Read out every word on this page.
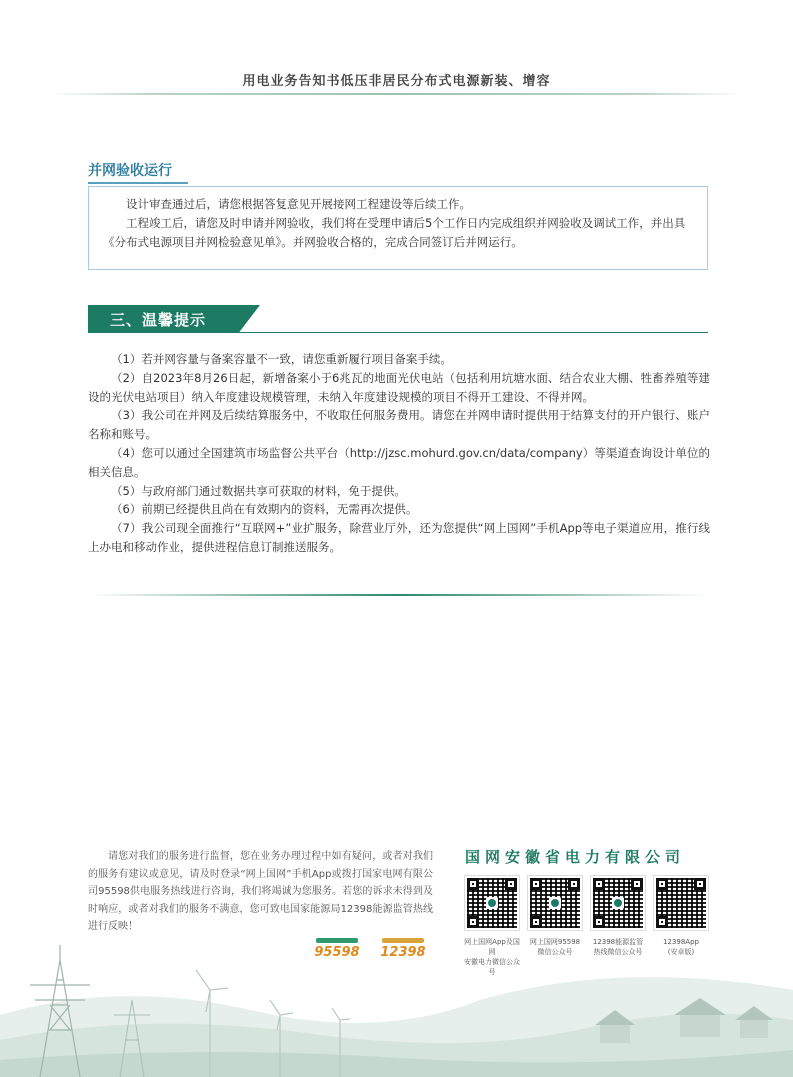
用电业务告知书低压非居民分布式电源新装、增容
并网验收运行

设计审查通过后，请您根据答复意见开展接网工程建设等后续工作。

工程竣工后，请您及时申请并网验收，我们将在受理申请后5个工作日内完成组织并网验收及调试工作，并出具《分布式电源项目并网检验意见单》。并网验收合格的，完成合同签订后并网运行。

三、温馨提示

（1）若并网容量与备案容量不一致，请您重新履行项目备案手续。

（2）自2023年8月26日起，新增备案小于6兆瓦的地面光伏电站（包括利用坑塘水面、结合农业大棚、牲畜养殖等建设的光伏电站项目）纳入年度建设规模管理，未纳入年度建设规模的项目不得开工建设、不得并网。

（3）我公司在并网及后续结算服务中，不收取任何服务费用。请您在并网申请时提供用于结算支付的开户银行、账户名称和账号。

（4）您可以通过全国建筑市场监督公共平台（http://jzsc.mohurd.gov.cn/data/company）等渠道查询设计单位的相关信息。

（5）与政府部门通过数据共享可获取的材料，免于提供。

（6）前期已经提供且尚在有效期内的资料，无需再次提供。

（7）我公司现全面推行“互联网+”业扩服务，除营业厅外，还为您提供“网上国网”手机App等电子渠道应用，推行线上办电和移动作业，提供进程信息订制推送服务。

请您对我们的服务进行监督，您在业务办理过程中如有疑问，或者对我们的服务有建议或意见，请及时登录“网上国网”手机App或拨打国家电网有限公司95598供电服务热线进行咨询，我们将竭诚为您服务。若您的诉求未得到及时响应，或者对我们的服务不满意，您可致电国家能源局12398能源监管热线进行反映！

95598 12398
国网安徽省电力有限公司
网上国网App及国网
安徽电力微信公众号
网上国网95598
微信公众号
12398能源监管
热线微信公众号
12398App
(安卓版)
